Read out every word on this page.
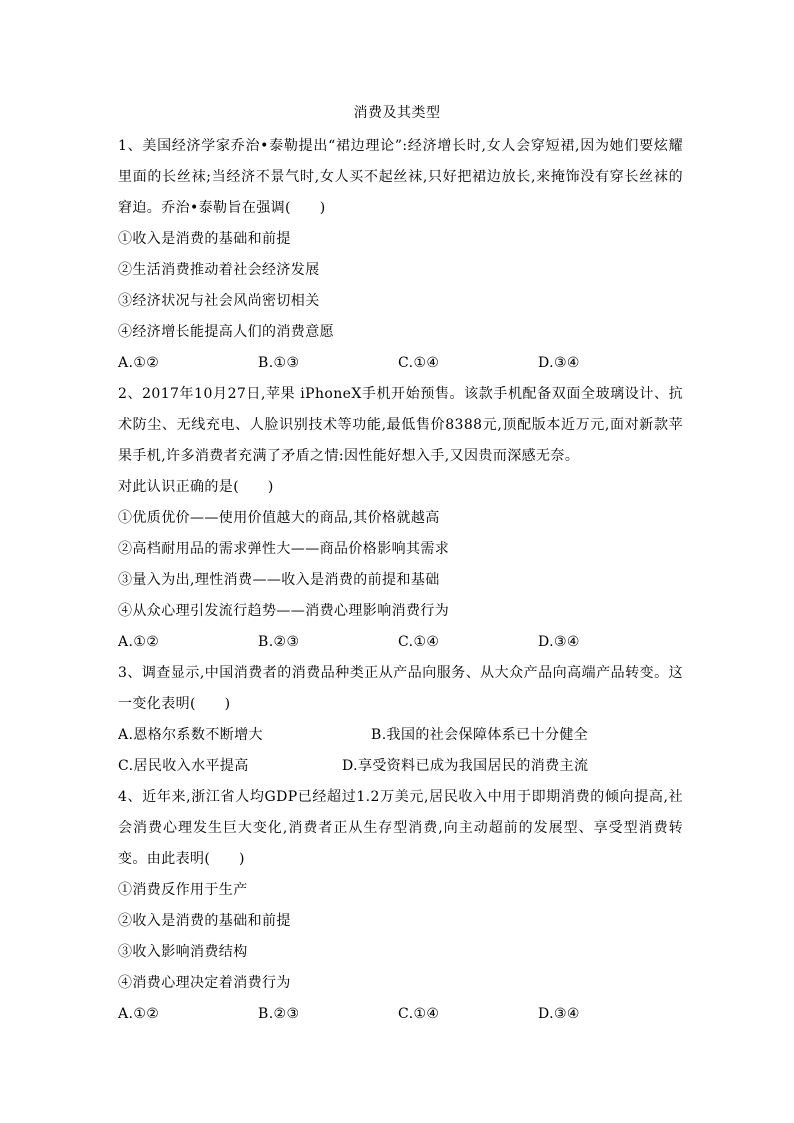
消费及其类型

1、美国经济学家乔治•泰勒提出“裙边理论”:经济增长时,女人会穿短裙,因为她们要炫耀里面的长丝袜;当经济不景气时,女人买不起丝袜,只好把裙边放长,来掩饰没有穿长丝袜的窘迫。乔治•泰勒旨在强调(　　)

①收入是消费的基础和前提

②生活消费推动着社会经济发展

③经济状况与社会风尚密切相关

④经济增长能提高人们的消费意愿

A.①②	B.①③	C.①④	D.③④

2、2017年10月27日,苹果 iPhoneX手机开始预售。该款手机配备双面全玻璃设计、抗术防尘、无线充电、人脸识别技术等功能,最低售价8388元,顶配版本近万元,面对新款苹果手机,许多消费者充满了矛盾之情:因性能好想入手,又因贵而深感无奈。

对此认识正确的是(　　)

①优质优价——使用价值越大的商品,其价格就越高

②高档耐用品的需求弹性大——商品价格影响其需求

③量入为出,理性消费——收入是消费的前提和基础

④从众心理引发流行趋势——消费心理影响消费行为

A.①②	B.②③	C.①④	D.③④

3、调查显示,中国消费者的消费品种类正从产品向服务、从大众产品向高端产品转变。这一变化表明(　　)

A.恩格尔系数不断增大	B.我国的社会保障体系已十分健全
C.居民收入水平提高	D.享受资料已成为我国居民的消费主流

4、近年来,浙江省人均GDP已经超过1.2万美元,居民收入中用于即期消费的倾向提高,社会消费心理发生巨大变化,消费者正从生存型消费,向主动超前的发展型、享受型消费转变。由此表明(　　)

①消费反作用于生产

②收入是消费的基础和前提

③收入影响消费结构

④消费心理决定着消费行为

A.①②	B.②③	C.①④	D.③④
